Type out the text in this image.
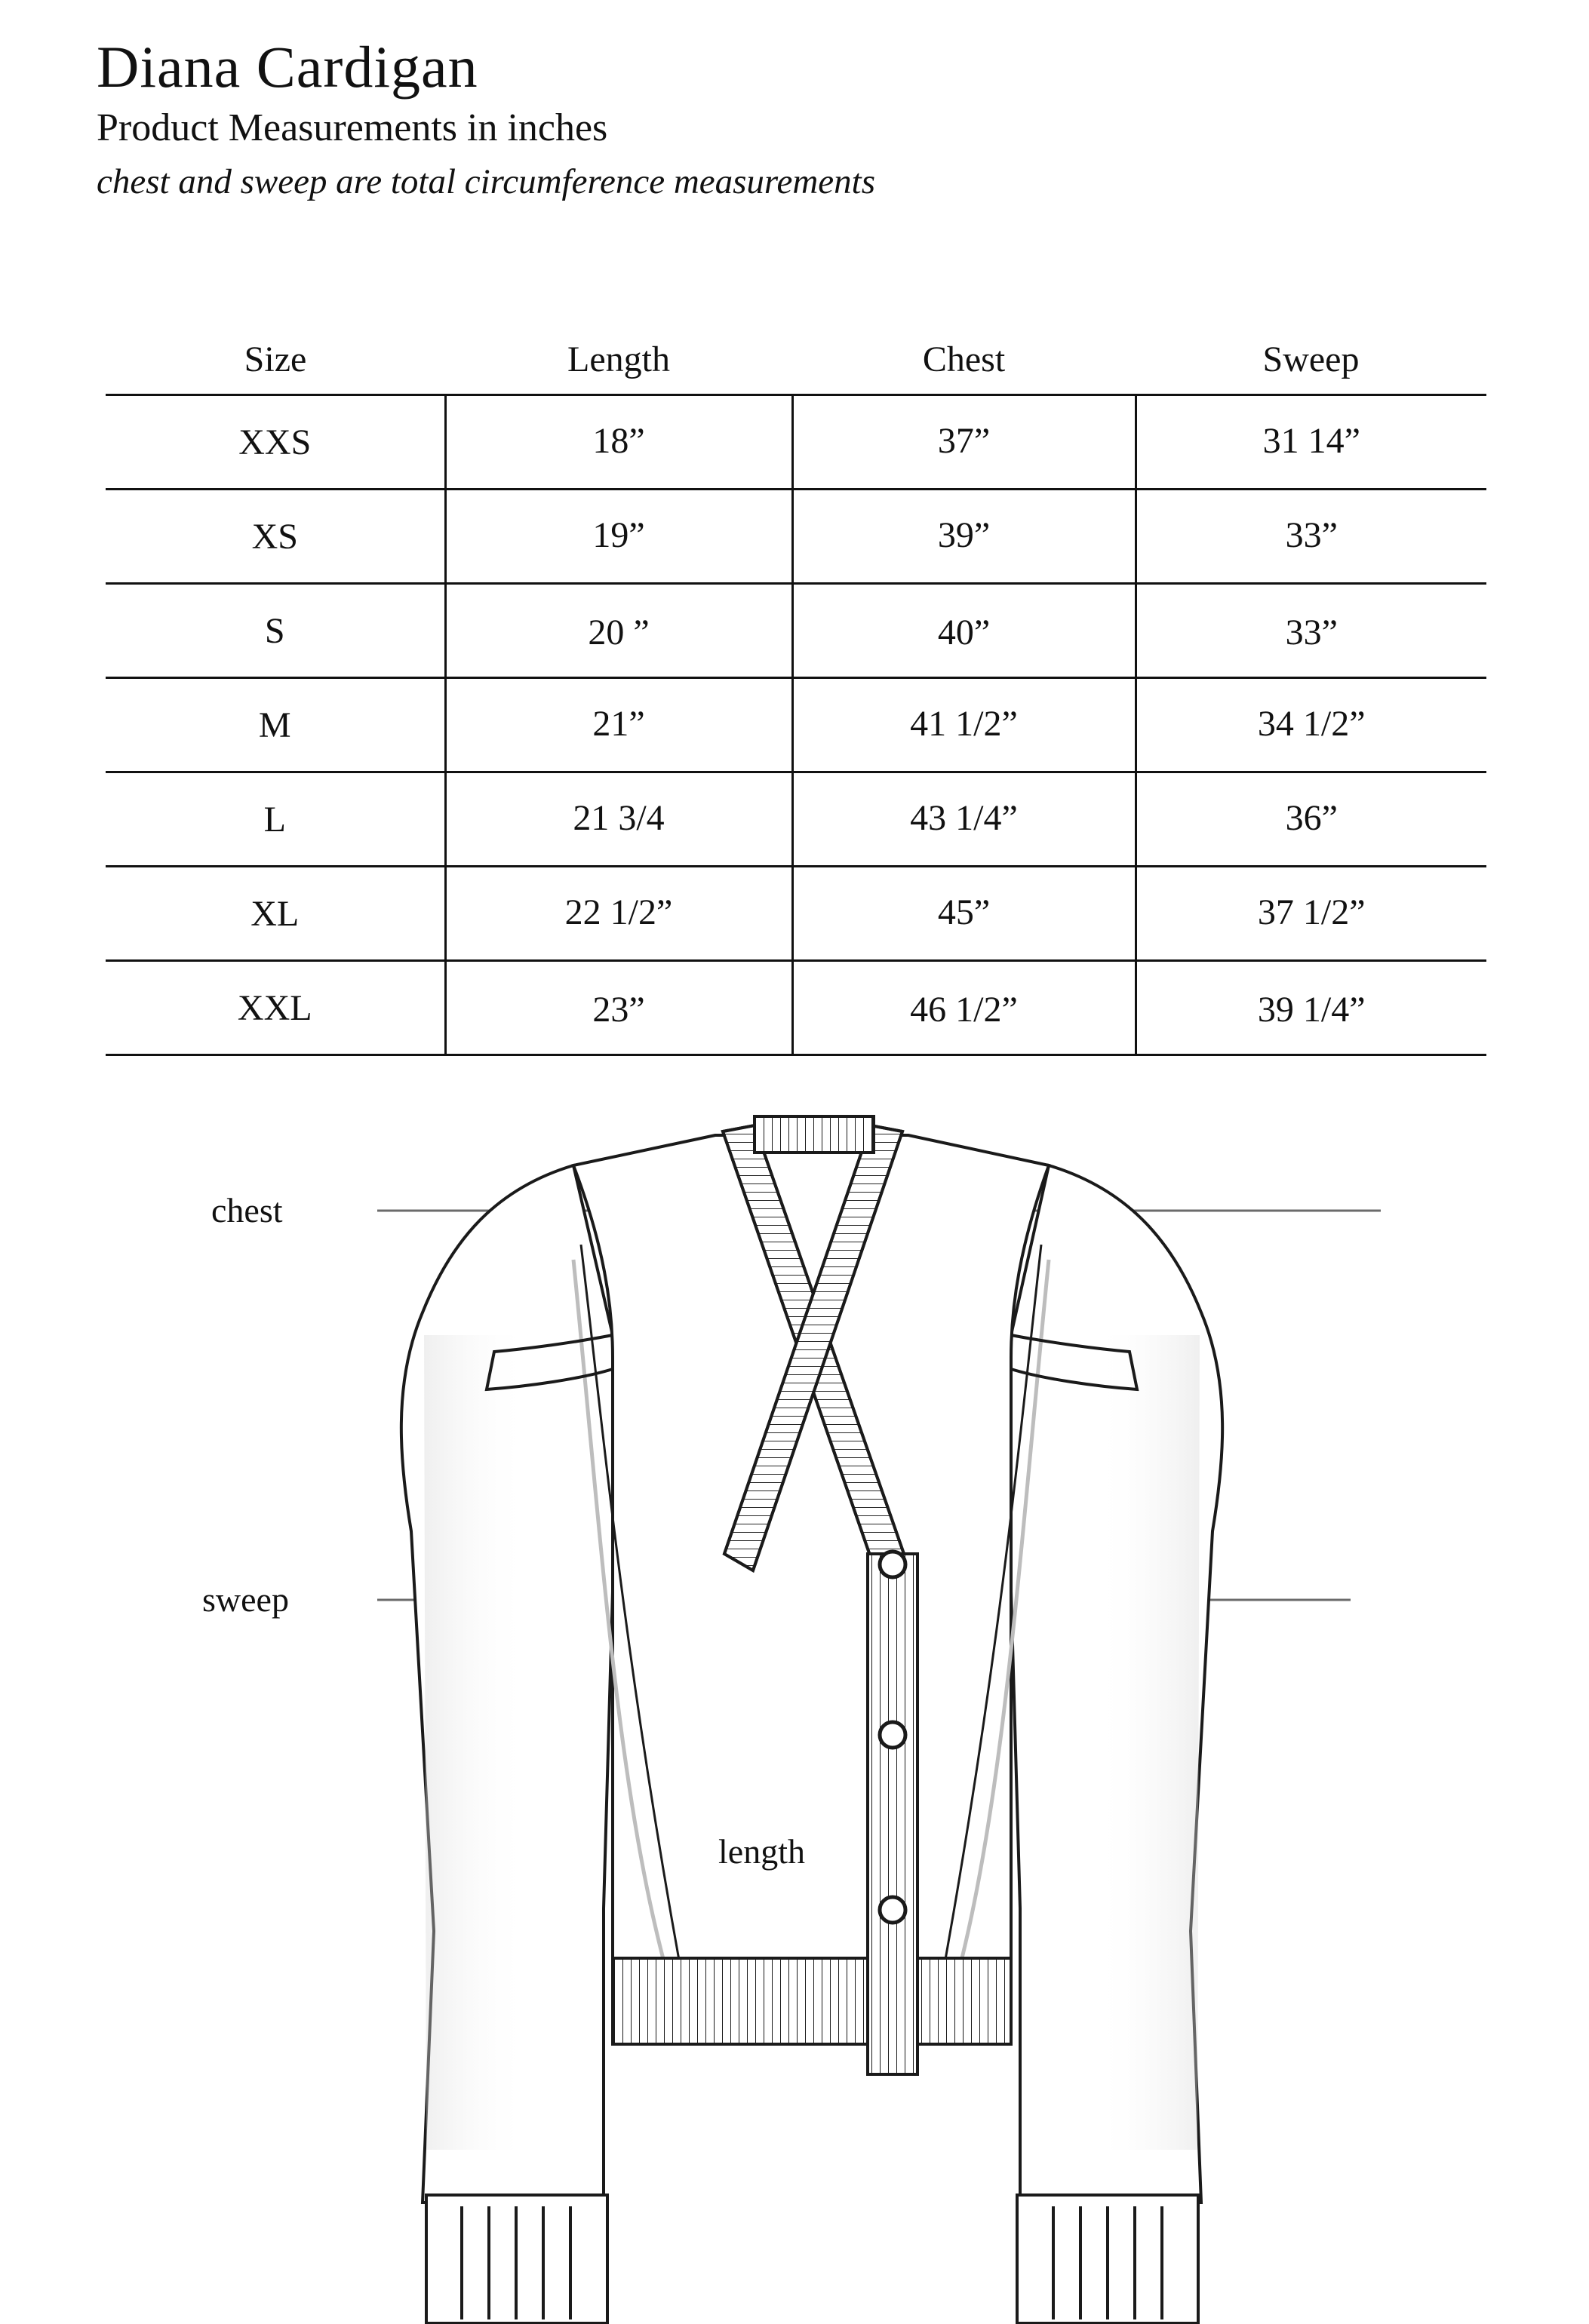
Diana Cardigan

Product Measurements in inches

chest and sweep are total circumference measurements

Size	Length	Chest	Sweep
XXS	18”	37”	31 14”
XS	19”	39”	33”
S	20 ”	40”	33”
M	21”	41 1/2”	34 1/2”
L	21 3/4	43 1/4”	36”
XL	22 1/2”	45”	37 1/2”
XXL	23”	46 1/2”	39 1/4”
chest
sweep
length
